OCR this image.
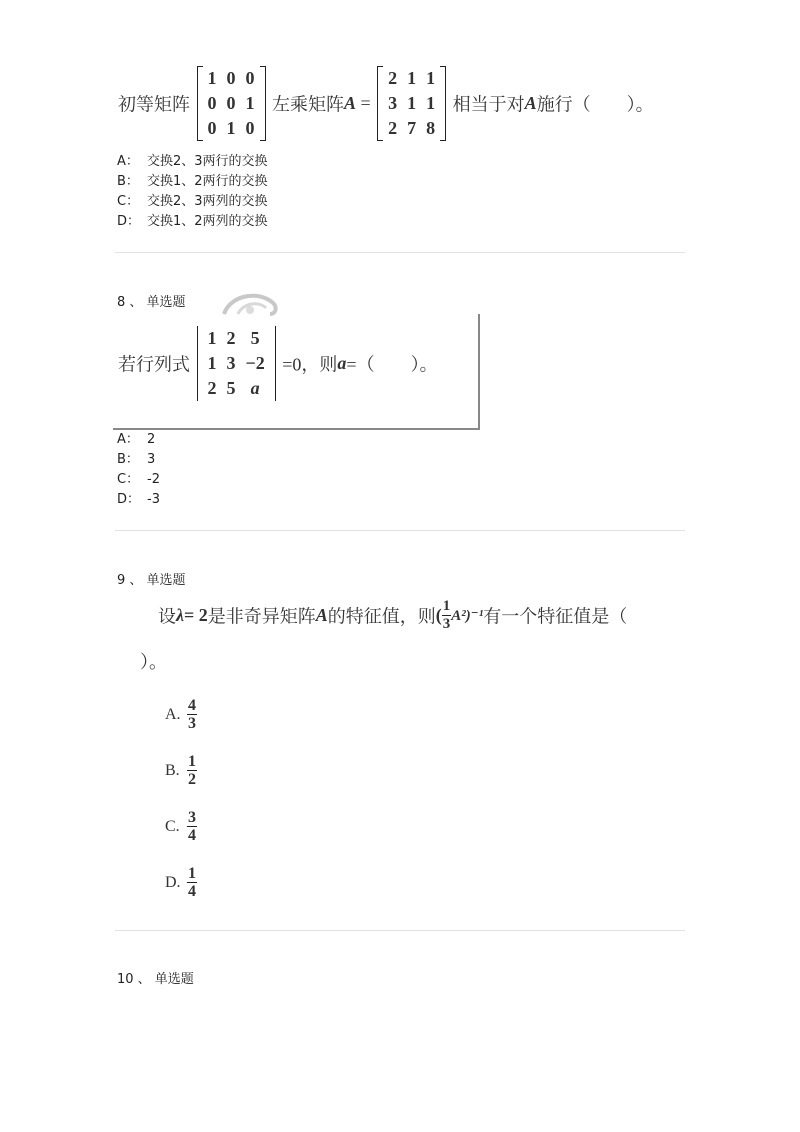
初等矩阵
1	0	0
0	0	1
0	1	0
左乘矩阵A =
2	1	1
3	1	1
2	7	8
相当于对A施行（　　）。
A： 交换2、3两行的交换
B： 交换1、2两行的交换
C： 交换2、3两列的交换
D： 交换1、2两列的交换
8 、 单选题
若行列式
1	2	5
1	3	−2
2	5	a
=0，则a=（　　）。
A： 2
B： 3
C： -2
D： -3
9 、 单选题
设λ= 2是非奇异矩阵A的特征值，则( $\frac{1}{3} A^2)^{-1}$有一个特征值是（
）。
A. $\frac{4}{3}$
B. $\frac{1}{2}$
C. $\frac{3}{4}$
D. $\frac{1}{4}$
10 、 单选题
